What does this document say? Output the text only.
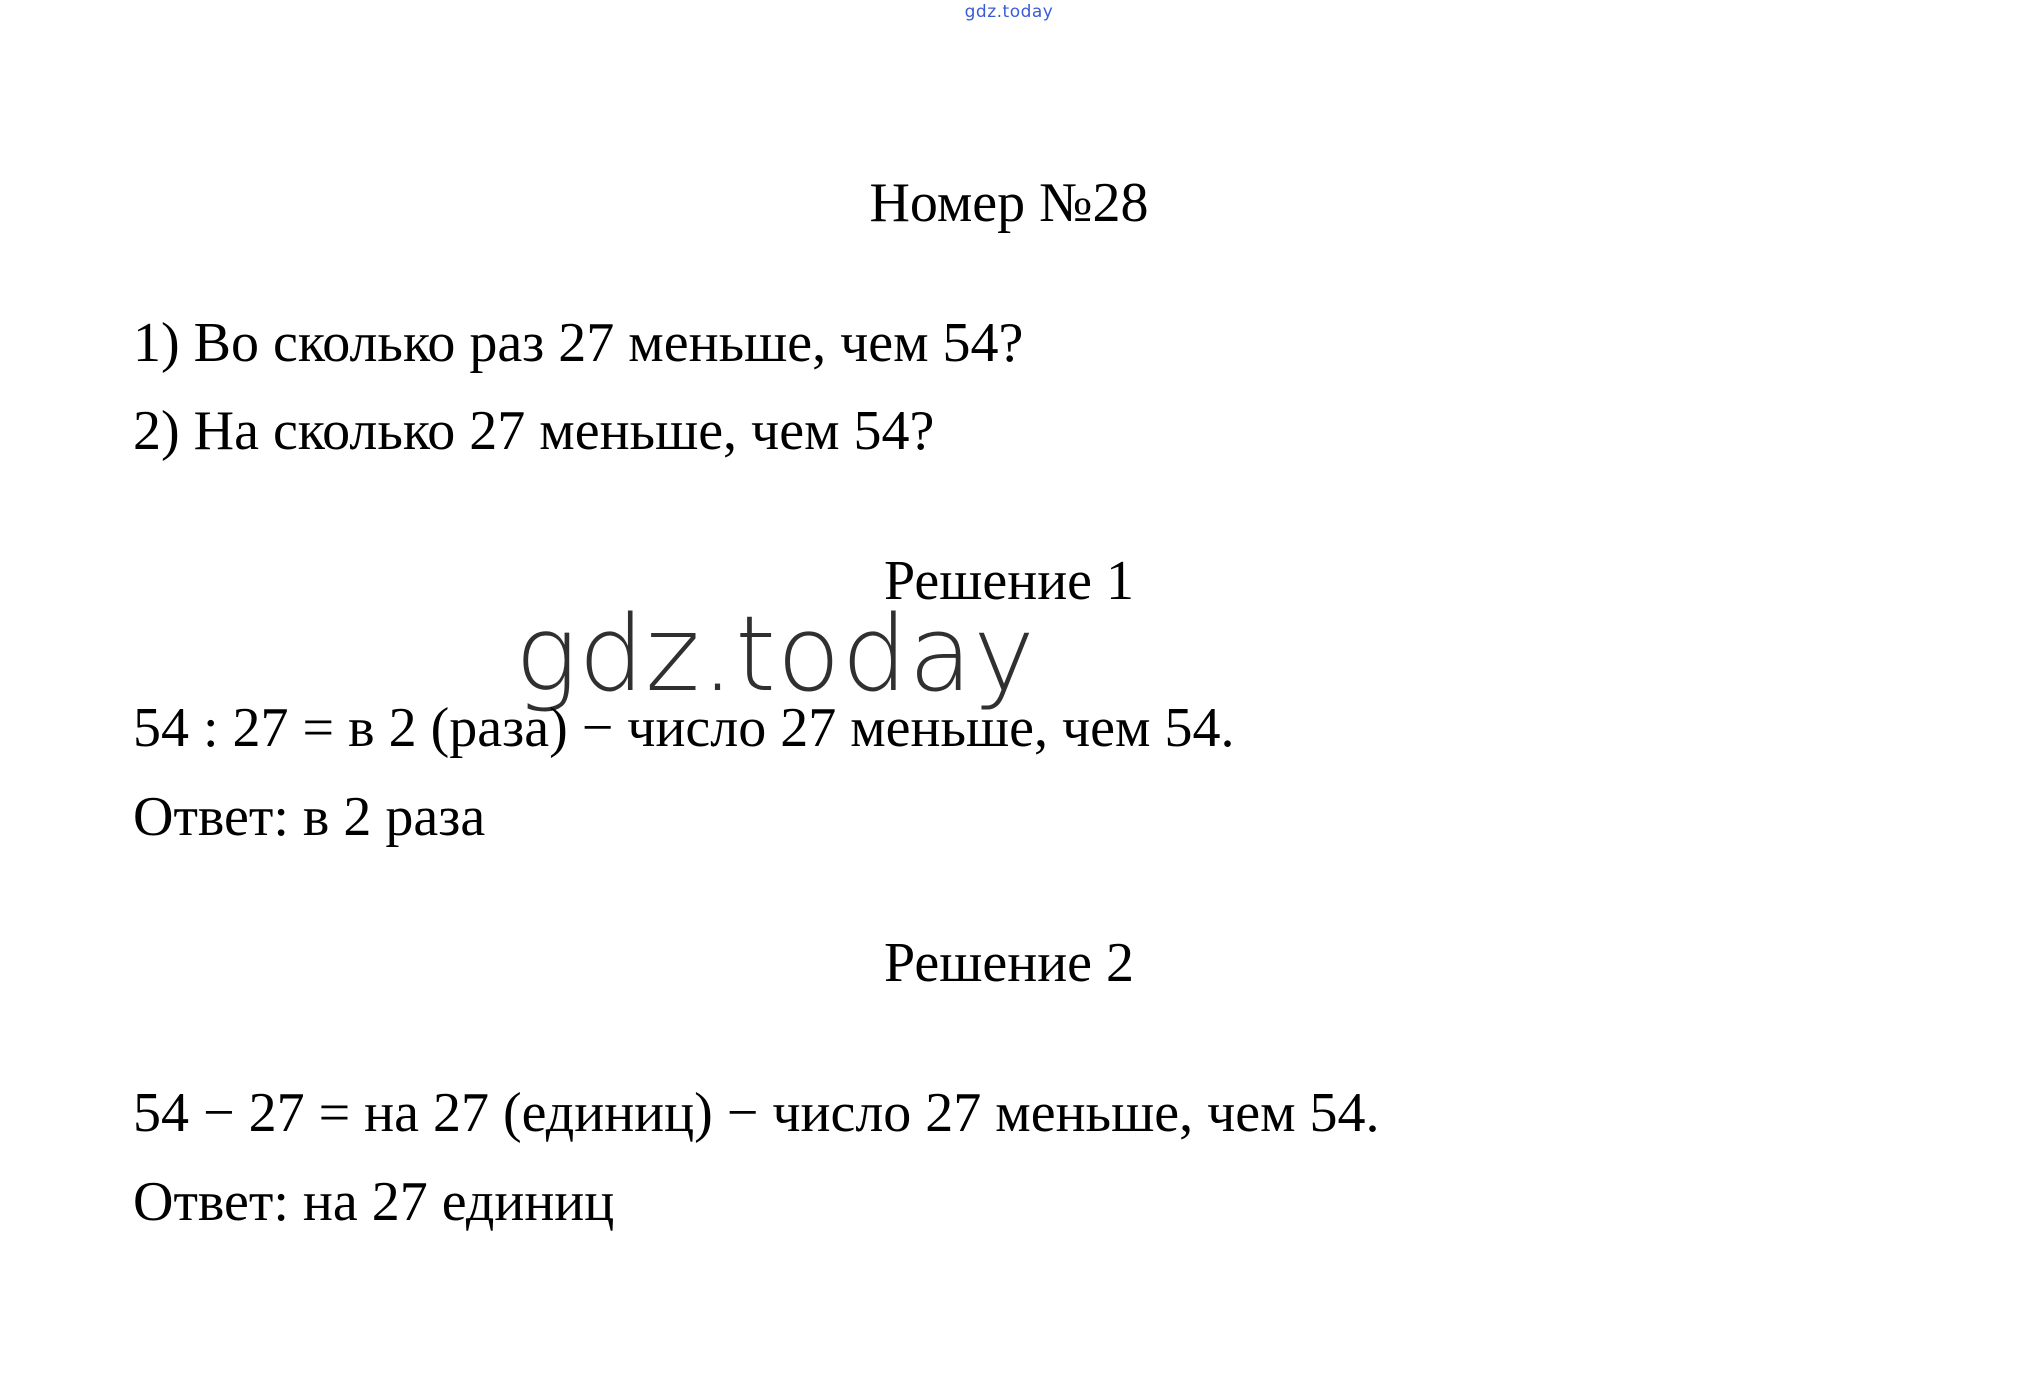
gdz.today
Номер №28
1) Во сколько раз 27 меньше, чем 54?
2) На сколько 27 меньше, чем 54?
Решение 1
gdz.today
54 : 27 = в 2 (раза) − число 27 меньше, чем 54.
Ответ: в 2 раза
Решение 2
54 − 27 = на 27 (единиц) − число 27 меньше, чем 54.
Ответ: на 27 единиц
